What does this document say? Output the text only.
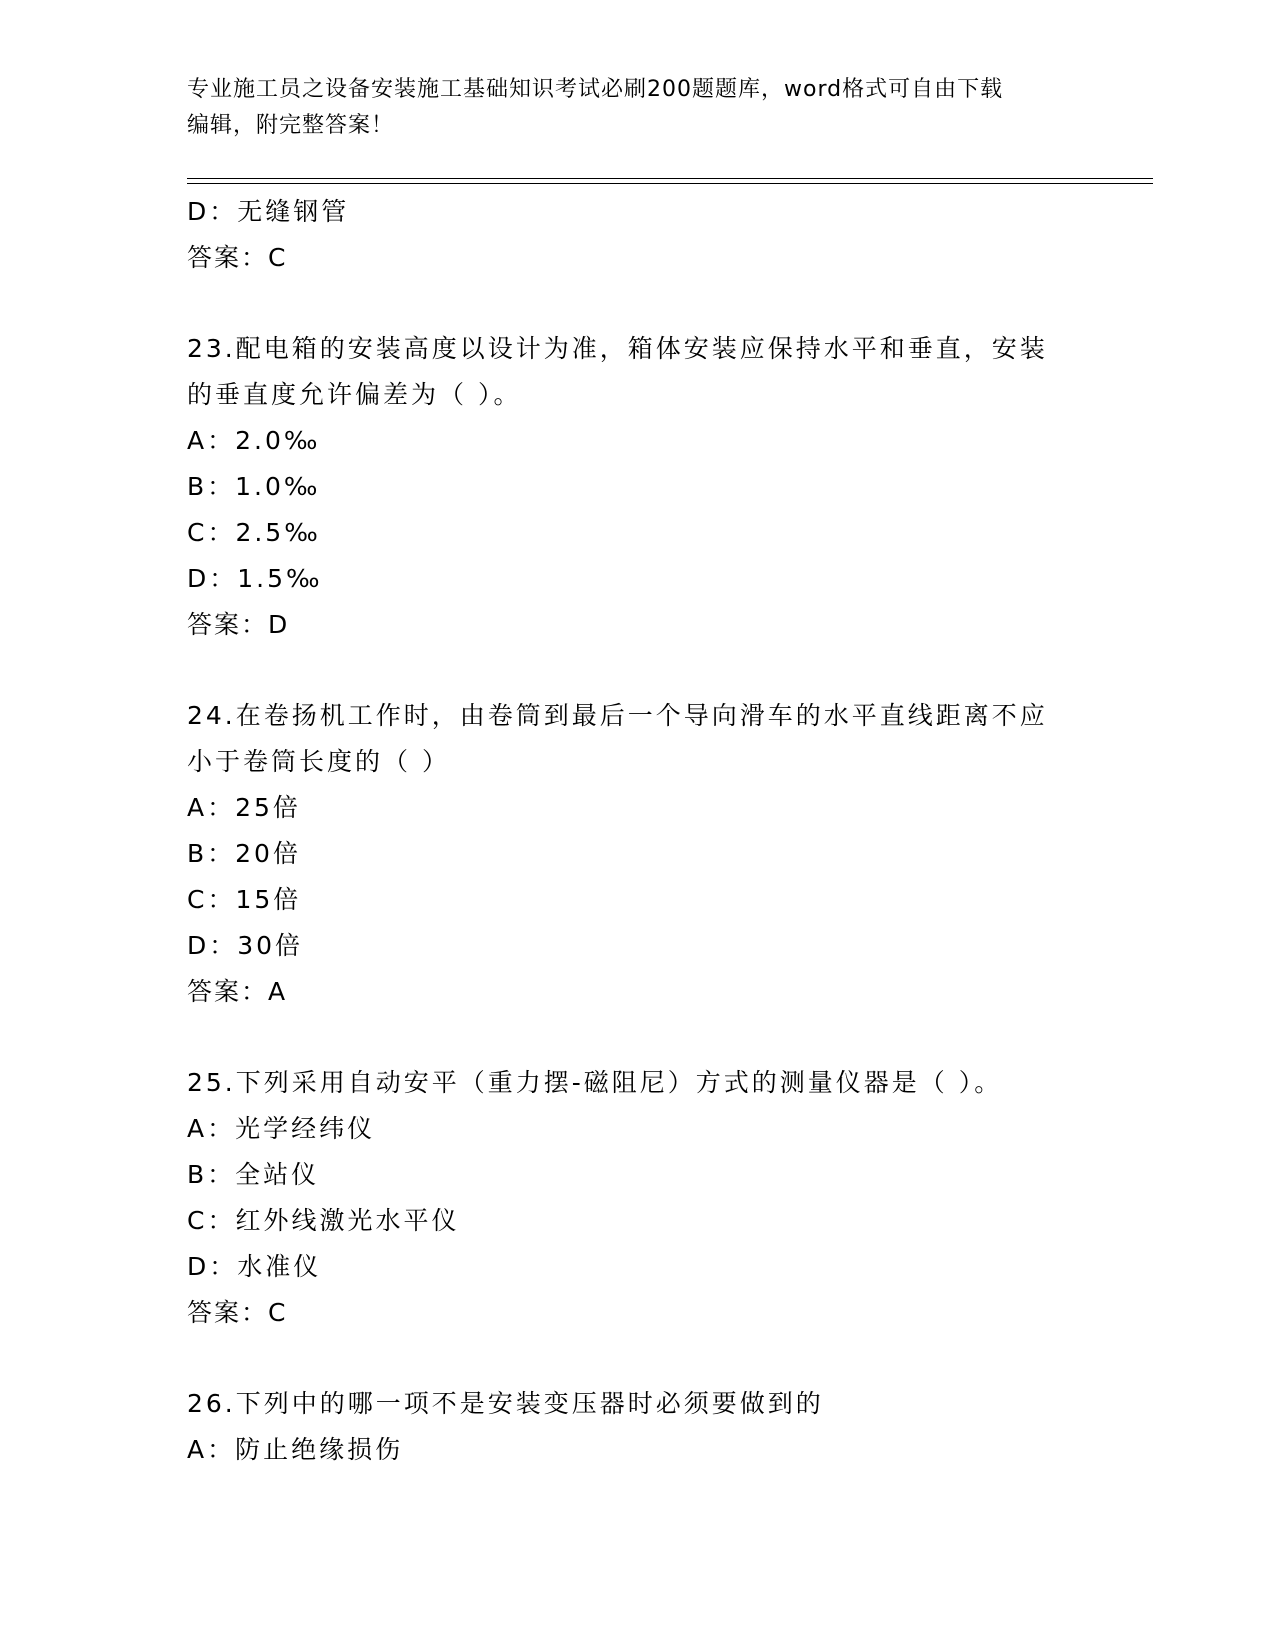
专业施工员之设备安装施工基础知识考试必刷200题题库，word格式可自由下载
编辑，附完整答案！
D：无缝钢管
答案：C
23.配电箱的安装高度以设计为准，箱体安装应保持水平和垂直，安装
的垂直度允许偏差为（ ）。
A：2.0‰
B：1.0‰
C：2.5‰
D：1.5‰
答案：D
24.在卷扬机工作时，由卷筒到最后一个导向滑车的水平直线距离不应
小于卷筒长度的（ ）
A：25倍
B：20倍
C：15倍
D：30倍
答案：A
25.下列采用自动安平（重力摆-磁阻尼）方式的测量仪器是（ ）。
A：光学经纬仪
B：全站仪
C：红外线激光水平仪
D：水准仪
答案：C
26.下列中的哪一项不是安装变压器时必须要做到的
A：防止绝缘损伤
